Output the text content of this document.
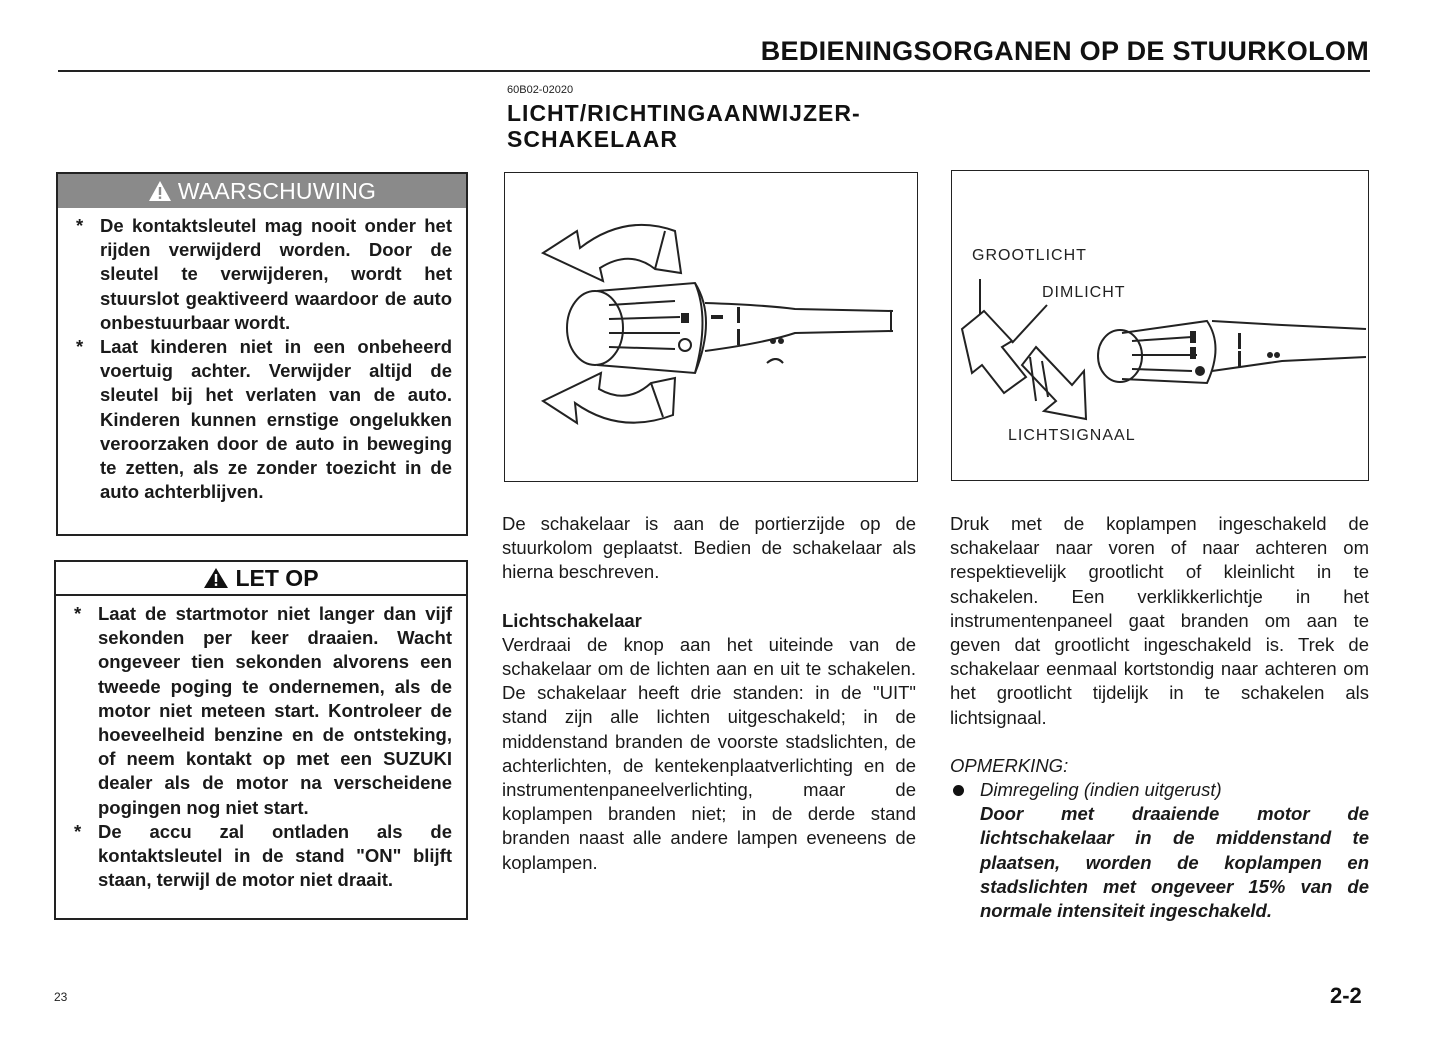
BEDIENINGSORGANEN OP DE STUURKOLOM
60B02-02020
LICHT/RICHTINGAANWIJZER-
SCHAKELAAR
WAARSCHUWING
* De kontaktsleutel mag nooit onder het rijden verwijderd worden. Door de sleutel te verwijderen, wordt het stuurslot geaktiveerd waardoor de auto onbestuurbaar wordt.
* Laat kinderen niet in een onbeheerd voertuig achter. Verwijder altijd de sleutel bij het verlaten van de auto. Kinderen kunnen ernstige ongelukken veroorzaken door de auto in beweging te zetten, als ze zonder toezicht in de auto achterblijven.
LET OP
* Laat de startmotor niet langer dan vijf sekonden per keer draaien. Wacht ongeveer tien sekonden alvorens een tweede poging te ondernemen, als de motor niet meteen start. Kontroleer de hoeveelheid benzine en de ontsteking, of neem kontakt op met een SUZUKI dealer als de motor na verscheidene pogingen nog niet start.
* De accu zal ontladen als de kontaktsleutel in de stand "ON" blijft staan, terwijl de motor niet draait.
GROOTLICHT
DIMLICHT
LICHTSIGNAAL

De schakelaar is aan de portierzijde op de stuurkolom geplaatst. Bedien de schakelaar als hierna beschreven.

Lichtschakelaar

Verdraai de knop aan het uiteinde van de schakelaar om de lichten aan en uit te schakelen. De schakelaar heeft drie standen: in de "UIT" stand zijn alle lichten uitgeschakeld; in de middenstand branden de voorste stadslichten, de achterlichten, de kentekenplaatverlichting en de instrumentenpaneelverlichting, maar de koplampen branden niet; in de derde stand branden naast alle andere lampen eveneens de koplampen.

Druk met de koplampen ingeschakeld de schakelaar naar voren of naar achteren om respektievelijk grootlicht of kleinlicht in te schakelen. Een verklikkerlichtje in het instrumentenpaneel gaat branden om aan te geven dat grootlicht ingeschakeld is. Trek de schakelaar eenmaal kortstondig naar achteren om het grootlicht tijdelijk in te schakelen als lichtsignaal.

OPMERKING:

Dimregeling (indien uitgerust)
Door met draaiende motor de lichtschakelaar in de middenstand te plaatsen, worden de koplampen en stadslichten met ongeveer 15% van de normale intensiteit ingeschakeld.
23	2-2
